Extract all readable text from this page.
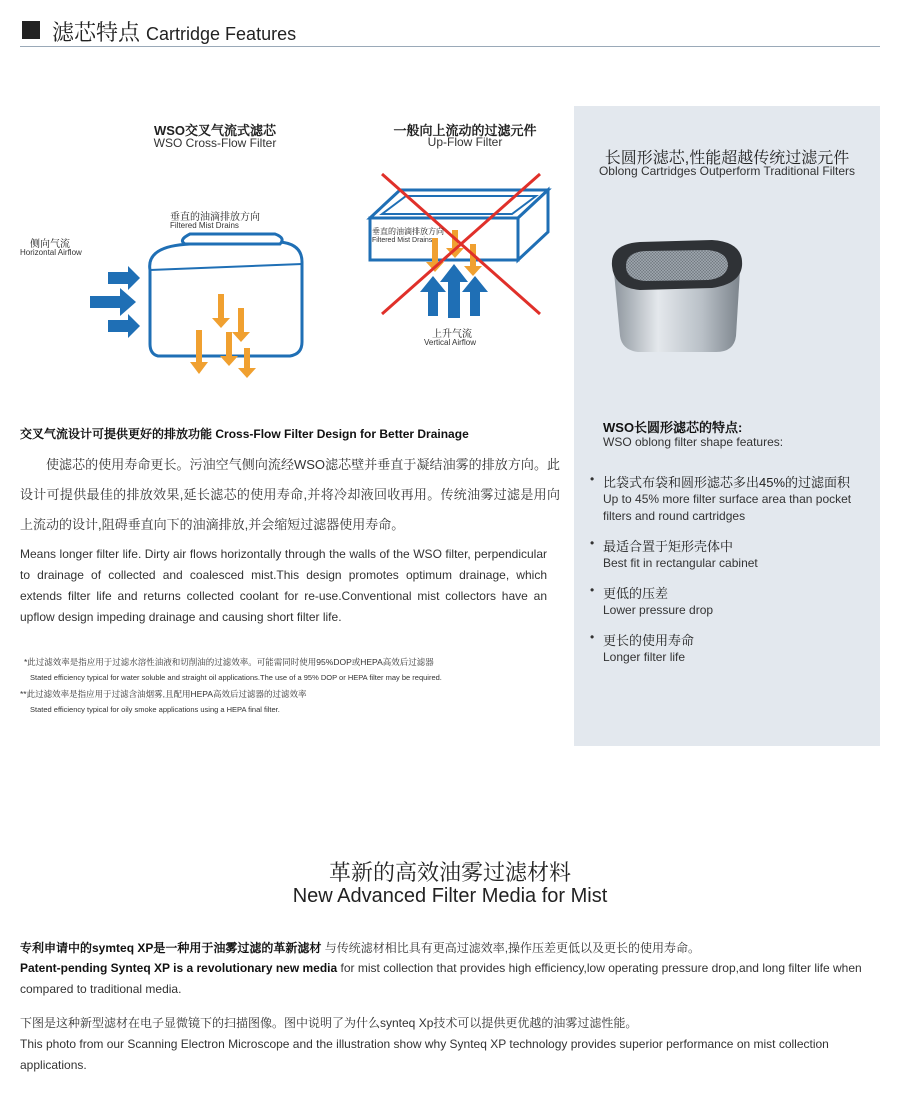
滤芯特点 Cartridge Features
WSO交叉气流式滤芯
WSO Cross-Flow Filter
垂直的油滴排放方向
Filtered Mist Drains
侧向气流
Horizontal Airflow
一般向上流动的过滤元件
Up-Flow Filter
垂直的油滴排放方向
Filtered Mist Drains
上升气流
Vertical Airflow
交叉气流设计可提供更好的排放功能 Cross-Flow Filter Design for Better Drainage
使滤芯的使用寿命更长。污油空气侧向流经WSO滤芯壁并垂直于凝结油雾的排放方向。此设计可提供最佳的排放效果,延长滤芯的使用寿命,并将冷却液回收再用。传统油雾过滤是用向上流动的设计,阻碍垂直向下的油滴排放,并会缩短过滤器使用寿命。
Means longer filter life. Dirty air flows horizontally through the walls of the WSO filter, perpendicular to drainage of collected and coalesced mist.This design promotes optimum drainage, which extends filter life and returns collected coolant for re-use.Conventional mist collectors have an upflow design impeding drainage and causing short filter life.
*此过滤效率是指应用于过滤水溶性油液和切削油的过滤效率。可能需同时使用95%DOP或HEPA高效后过滤器
Stated efficiency typical for water soluble and straight oil applications.The use of a 95% DOP or HEPA filter may be required.
**此过滤效率是指应用于过滤含油烟雾,且配用HEPA高效后过滤器的过滤效率
Stated efficiency typical for oily smoke applications using a HEPA final filter.
长圆形滤芯,性能超越传统过滤元件
Oblong Cartridges Outperform Traditional Filters
WSO长圆形滤芯的特点:
WSO oblong filter shape features:
• 比袋式布袋和圆形滤芯多出45%的过滤面积
Up to 45% more filter surface area than pocket filters and round cartridges
• 最适合置于矩形壳体中
Best fit in rectangular cabinet
• 更低的压差
Lower pressure drop
• 更长的使用寿命
Longer filter life
革新的高效油雾过滤材料
New Advanced Filter Media for Mist
专利申请中的symteq XP是一种用于油雾过滤的革新滤材 与传统滤材相比具有更高过滤效率,操作压差更低以及更长的使用寿命。
Patent-pending Synteq XP is a revolutionary new media for mist collection that provides high efficiency,low operating pressure drop,and long filter life when compared to traditional media.
下图是这种新型滤材在电子显微镜下的扫描图像。图中说明了为什么synteq Xp技术可以提供更优越的油雾过滤性能。
This photo from our Scanning Electron Microscope and the illustration show why Synteq XP technology provides superior performance on mist collection applications.
